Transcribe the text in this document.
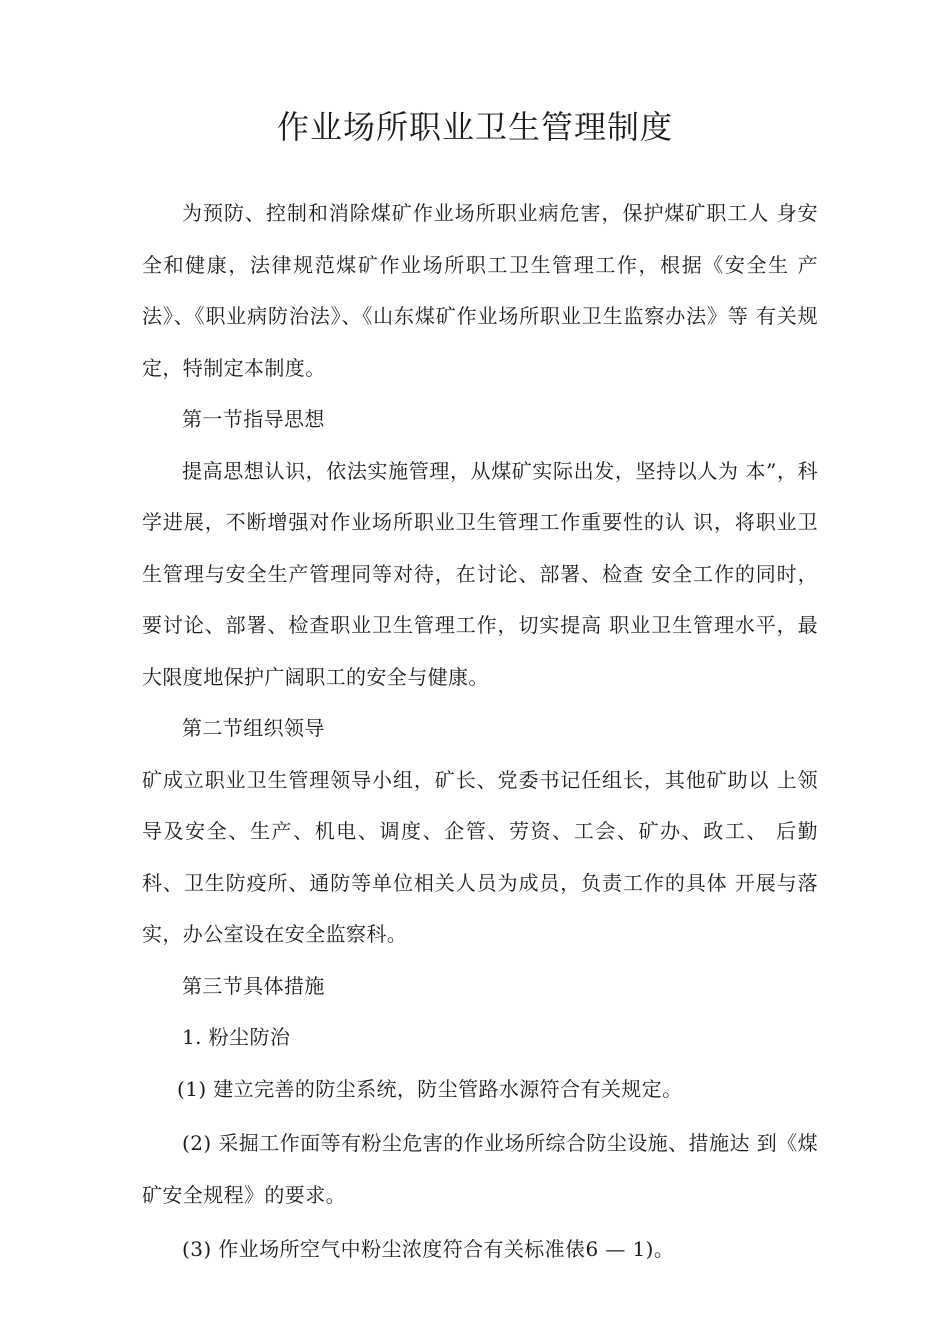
作业场所职业卫生管理制度

为预防、控制和消除煤矿作业场所职业病危害，保护煤矿职工人 身安全和健康，法律规范煤矿作业场所职工卫生管理工作，根据《安全生 产法》、《职业病防治法》、《山东煤矿作业场所职业卫生监察办法》等 有关规定，特制定本制度。

第一节指导思想

提高思想认识，依法实施管理，从煤矿实际出发，坚持以人为 本”，科学进展，不断增强对作业场所职业卫生管理工作重要性的认 识，将职业卫生管理与安全生产管理同等对待，在讨论、部署、检查 安全工作的同时，要讨论、部署、检查职业卫生管理工作，切实提高 职业卫生管理水平，最大限度地保护广阔职工的安全与健康。

第二节组织领导

矿成立职业卫生管理领导小组，矿长、党委书记任组长，其他矿助以 上领导及安全、生产、机电、调度、企管、劳资、工会、矿办、政工、 后勤科、卫生防疫所、通防等单位相关人员为成员，负责工作的具体 开展与落实，办公室设在安全监察科。

第三节具体措施

1. 粉尘防治

(1) 建立完善的防尘系统，防尘管路水源符合有关规定。

(2) 采掘工作面等有粉尘危害的作业场所综合防尘设施、措施达 到《煤矿安全规程》的要求。

(3) 作业场所空气中粉尘浓度符合有关标准俵6 — 1)。
